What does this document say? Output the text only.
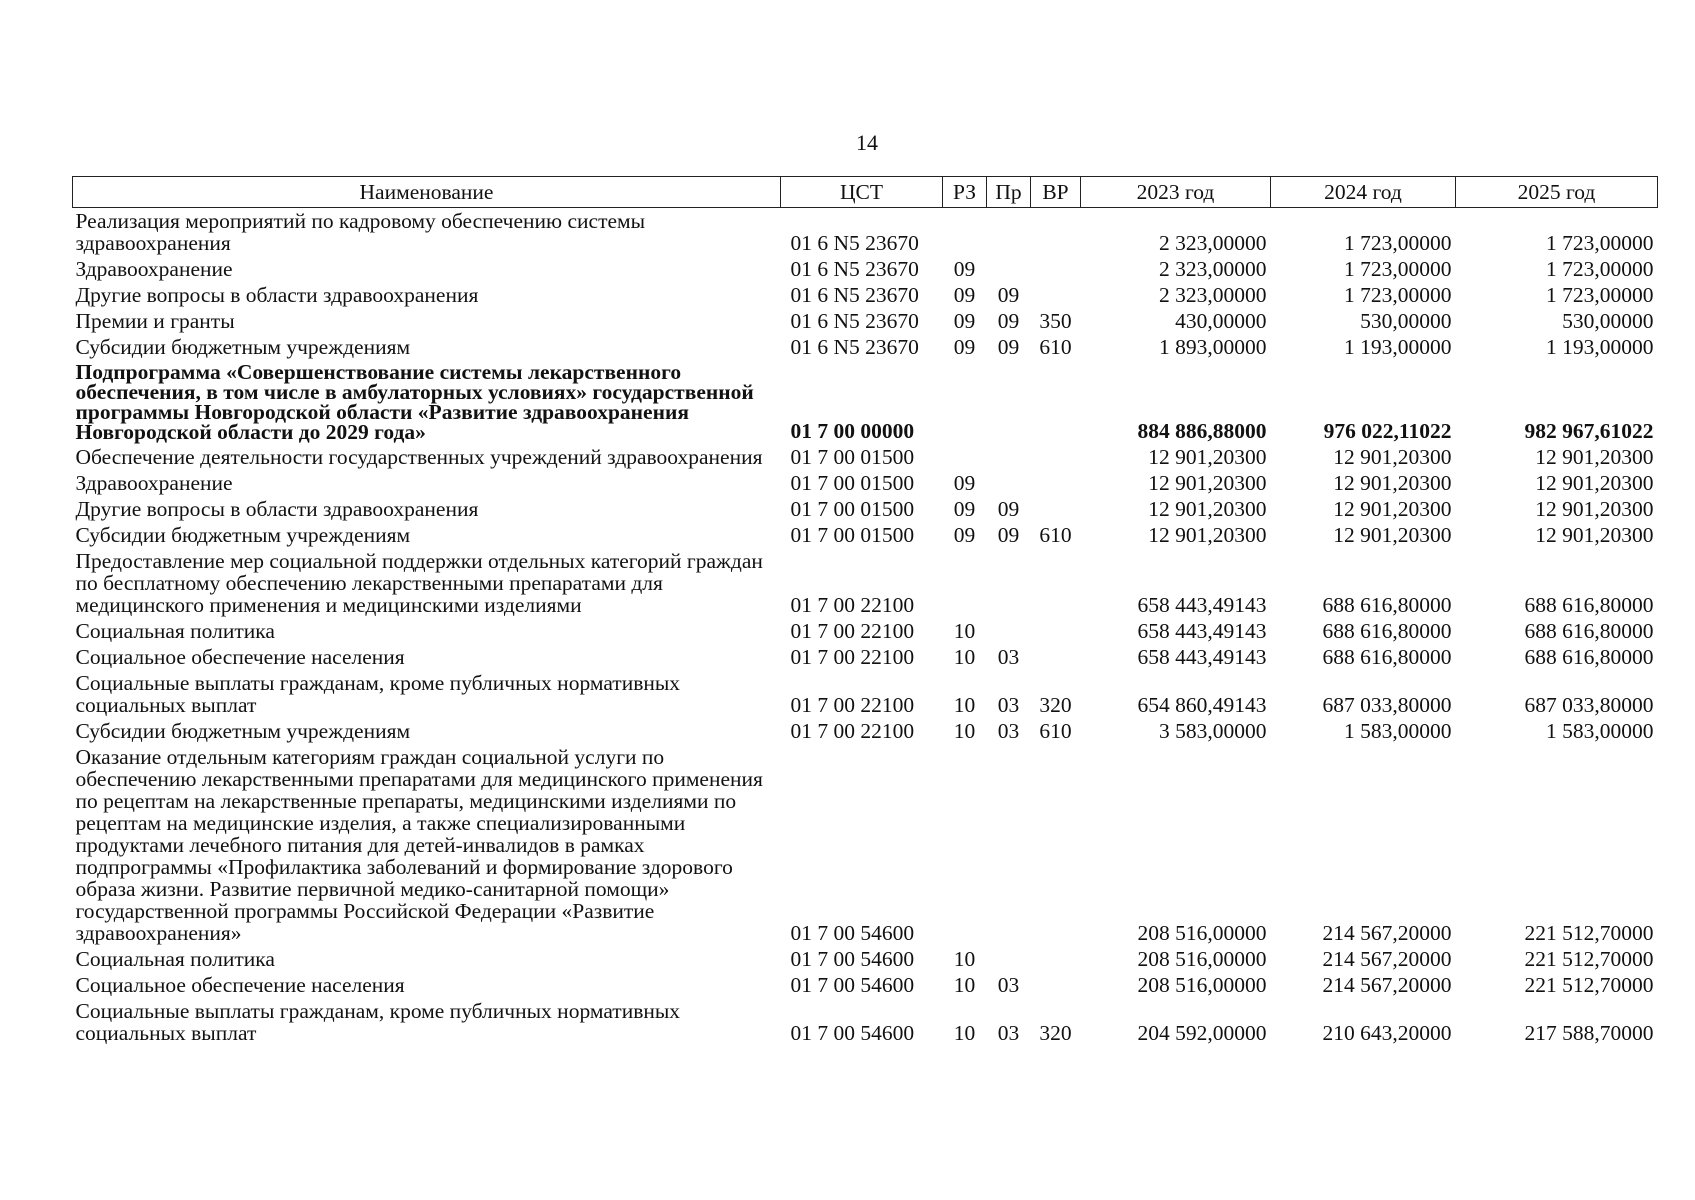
14
Наименование	ЦСТ	РЗ	Пр	ВР	2023 год	2024 год	2025 год
Реализация мероприятий по кадровому обеспечению системы здравоохранения	01 6 N5 23670				2 323,00000	1 723,00000	1 723,00000
Здравоохранение	01 6 N5 23670	09			2 323,00000	1 723,00000	1 723,00000
Другие вопросы в области здравоохранения	01 6 N5 23670	09	09		2 323,00000	1 723,00000	1 723,00000
Премии и гранты	01 6 N5 23670	09	09	350	430,00000	530,00000	530,00000
Субсидии бюджетным учреждениям	01 6 N5 23670	09	09	610	1 893,00000	1 193,00000	1 193,00000
Подпрограмма «Совершенствование системы лекарственного обеспечения, в том числе в амбулаторных условиях» государственной программы Новгородской области «Развитие здравоохранения Новгородской области до 2029 года»	01 7 00 00000				884 886,88000	976 022,11022	982 967,61022
Обеспечение деятельности государственных учреждений здравоохранения	01 7 00 01500				12 901,20300	12 901,20300	12 901,20300
Здравоохранение	01 7 00 01500	09			12 901,20300	12 901,20300	12 901,20300
Другие вопросы в области здравоохранения	01 7 00 01500	09	09		12 901,20300	12 901,20300	12 901,20300
Субсидии бюджетным учреждениям	01 7 00 01500	09	09	610	12 901,20300	12 901,20300	12 901,20300
Предоставление мер социальной поддержки отдельных категорий граждан по бесплатному обеспечению лекарственными препаратами для медицинского применения и медицинскими изделиями	01 7 00 22100				658 443,49143	688 616,80000	688 616,80000
Социальная политика	01 7 00 22100	10			658 443,49143	688 616,80000	688 616,80000
Социальное обеспечение населения	01 7 00 22100	10	03		658 443,49143	688 616,80000	688 616,80000
Социальные выплаты гражданам, кроме публичных нормативных социальных выплат	01 7 00 22100	10	03	320	654 860,49143	687 033,80000	687 033,80000
Субсидии бюджетным учреждениям	01 7 00 22100	10	03	610	3 583,00000	1 583,00000	1 583,00000
Оказание отдельным категориям граждан социальной услуги по обеспечению лекарственными препаратами для медицинского применения по рецептам на лекарственные препараты, медицинскими изделиями по рецептам на медицинские изделия, а также специализированными продуктами лечебного питания для детей-инвалидов в рамках подпрограммы «Профилактика заболеваний и формирование здорового образа жизни. Развитие первичной медико-санитарной помощи» государственной программы Российской Федерации «Развитие здравоохранения»	01 7 00 54600				208 516,00000	214 567,20000	221 512,70000
Социальная политика	01 7 00 54600	10			208 516,00000	214 567,20000	221 512,70000
Социальное обеспечение населения	01 7 00 54600	10	03		208 516,00000	214 567,20000	221 512,70000
Социальные выплаты гражданам, кроме публичных нормативных социальных выплат	01 7 00 54600	10	03	320	204 592,00000	210 643,20000	217 588,70000
